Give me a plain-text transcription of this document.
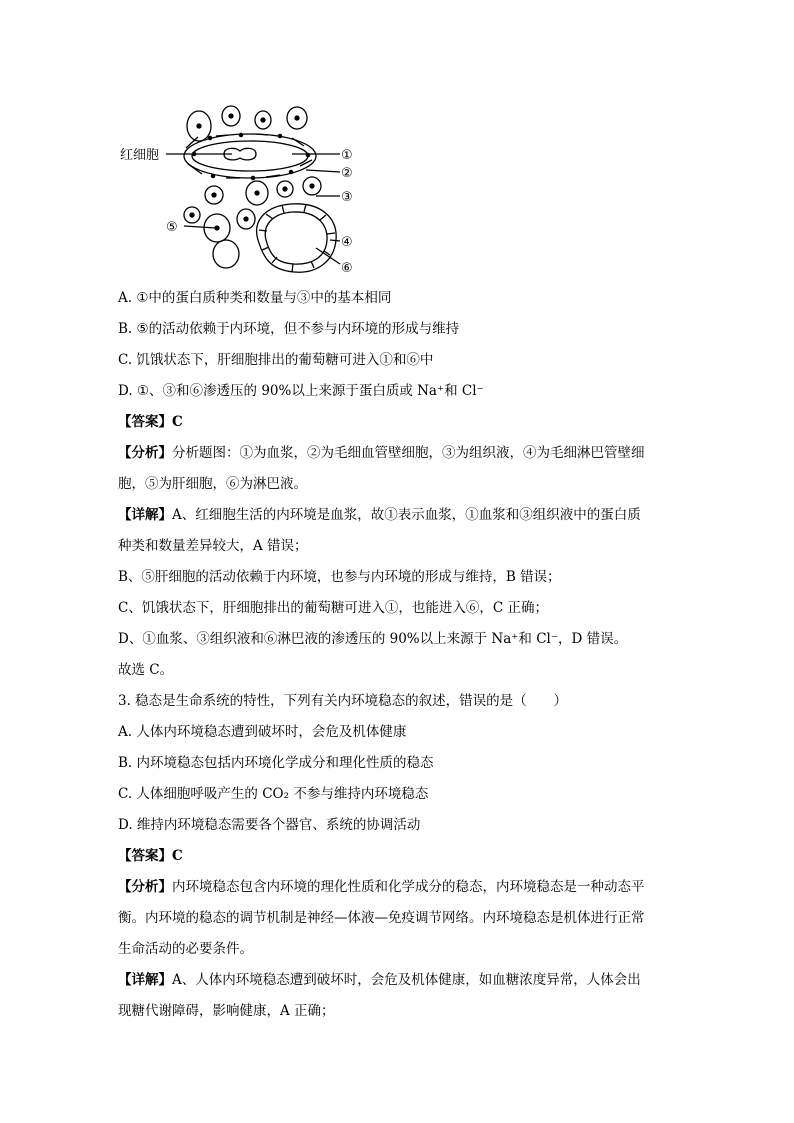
红细胞	①
②
③
④
⑤
⑥
A. ①中的蛋白质种类和数量与③中的基本相同
B. ⑤的活动依赖于内环境，但不参与内环境的形成与维持
C. 饥饿状态下，肝细胞排出的葡萄糖可进入①和⑥中
D. ①、③和⑥渗透压的 90%以上来源于蛋白质或 Na⁺和 Cl⁻
【答案】C
【分析】分析题图：①为血浆，②为毛细血管壁细胞，③为组织液，④为毛细淋巴管壁细
胞，⑤为肝细胞，⑥为淋巴液。
【详解】A、红细胞生活的内环境是血浆，故①表示血浆，①血浆和③组织液中的蛋白质
种类和数量差异较大，A 错误；
B、⑤肝细胞的活动依赖于内环境，也参与内环境的形成与维持，B 错误；
C、饥饿状态下，肝细胞排出的葡萄糖可进入①，也能进入⑥，C 正确；
D、①血浆、③组织液和⑥淋巴液的渗透压的 90%以上来源于 Na⁺和 Cl⁻，D 错误。
故选 C。
3. 稳态是生命系统的特性，下列有关内环境稳态的叙述，错误的是（　　）
A. 人体内环境稳态遭到破坏时，会危及机体健康
B. 内环境稳态包括内环境化学成分和理化性质的稳态
C. 人体细胞呼吸产生的 CO₂ 不参与维持内环境稳态
D. 维持内环境稳态需要各个器官、系统的协调活动
【答案】C
【分析】内环境稳态包含内环境的理化性质和化学成分的稳态，内环境稳态是一种动态平
衡。内环境的稳态的调节机制是神经—体液—免疫调节网络。内环境稳态是机体进行正常
生命活动的必要条件。
【详解】A、人体内环境稳态遭到破坏时，会危及机体健康，如血糖浓度异常，人体会出
现糖代谢障碍，影响健康，A 正确；
